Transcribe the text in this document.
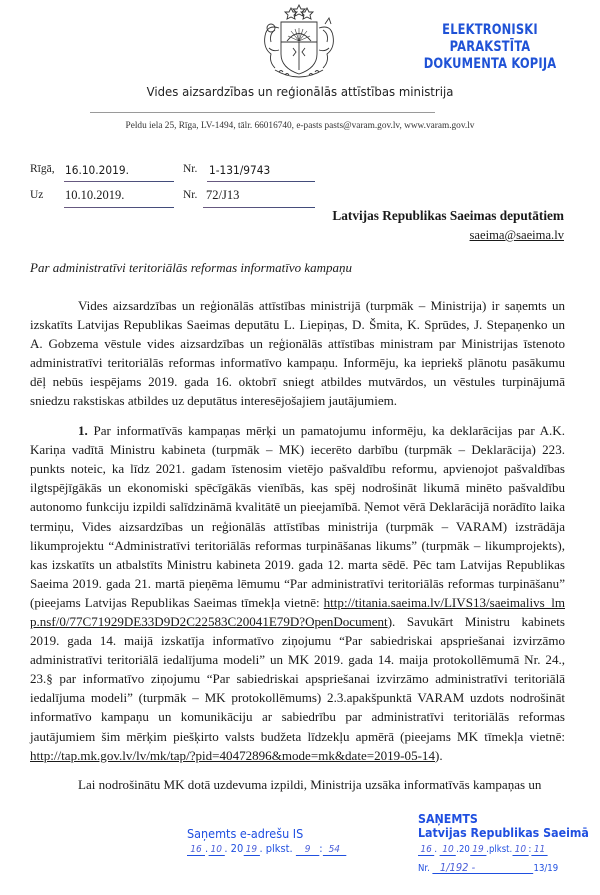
ELEKTRONISKI PARAKSTĪTA
DOKUMENTA KOPIJA
Vides aizsardzības un reģionālās attīstības ministrija
Peldu iela 25, Rīga, LV-1494, tālr. 66016740, e-pasts pasts@varam.gov.lv, www.varam.gov.lv
Rīgā, 16.10.2019.	Nr. 1-131/9743
Uz 10.10.2019.	Nr. 72/J13
Latvijas Republikas Saeimas deputātiem
saeima@saeima.lv
Par administratīvi teritoriālās reformas informatīvo kampaņu

Vides aizsardzības un reģionālās attīstības ministrijā (turpmāk – Ministrija) ir saņemts un izskatīts Latvijas Republikas Saeimas deputātu L. Liepiņas, D. Šmita, K. Sprūdes, J. Stepaņenko un A. Gobzema vēstule vides aizsardzības un reģionālās attīstības ministram par Ministrijas īstenoto administratīvi teritoriālās reformas informatīvo kampaņu. Informēju, ka iepriekš plānotu pasākumu dēļ nebūs iespējams 2019. gada 16. oktobrī sniegt atbildes mutvārdos, un vēstules turpinājumā sniedzu rakstiskas atbildes uz deputātus interesējošajiem jautājumiem.

1. Par informatīvās kampaņas mērķi un pamatojumu informēju, ka deklarācijas par A.K. Kariņa vadītā Ministru kabineta (turpmāk – MK) iecerēto darbību (turpmāk – Deklarācija) 223. punkts noteic, ka līdz 2021. gadam īstenosim vietējo pašvaldību reformu, apvienojot pašvaldības ilgtspējīgākās un ekonomiski spēcīgākās vienībās, kas spēj nodrošināt likumā minēto pašvaldību autonomo funkciju izpildi salīdzināmā kvalitātē un pieejamībā. Ņemot vērā Deklarācijā norādīto laika termiņu, Vides aizsardzības un reģionālās attīstības ministrija (turpmāk – VARAM) izstrādāja likumprojektu “Administratīvi teritoriālās reformas turpināšanas likums” (turpmāk – likumprojekts), kas izskatīts un atbalstīts Ministru kabineta 2019. gada 12. marta sēdē. Pēc tam Latvijas Republikas Saeima 2019. gada 21. martā pieņēma lēmumu “Par administratīvi teritoriālās reformas turpināšanu” (pieejams Latvijas Republikas Saeimas tīmekļa vietnē: http://titania.saeima.lv/LIVS13/saeimalivs_lmp.nsf/0/77C71929DE33D9D2C22583C20041E79D?OpenDocument). Savukārt Ministru kabinets 2019. gada 14. maijā izskatīja informatīvo ziņojumu “Par sabiedriskai apspriešanai izvirzāmo administratīvi teritoriālā iedalījuma modeli” un MK 2019. gada 14. maija protokollēmumā Nr. 24., 23.§ par informatīvo ziņojumu “Par sabiedriskai apspriešanai izvirzāmo administratīvi teritoriālā iedalījuma modeli” (turpmāk – MK protokollēmums) 2.3.apakšpunktā VARAM uzdots nodrošināt informatīvo kampaņu un komunikāciju ar sabiedrību par administratīvi teritoriālās reformas jautājumiem šim mērķim piešķirto valsts budžeta līdzekļu apmērā (pieejams MK tīmekļa vietnē: http://tap.mk.gov.lv/lv/mk/tap/?pid=40472896&mode=mk&date=2019-05-14).

Lai nodrošinātu MK dotā uzdevuma izpildi, Ministrija uzsāka informatīvās kampaņas un

Saņemts e-adrešu IS
16 . 10 . 20 19 . plkst. 9 : 54
SAŅEMTS
Latvijas Republikas Saeimā
16 . 10 .20 19 .plkst. 10 : 11
Nr. 1/192 -	13/19
